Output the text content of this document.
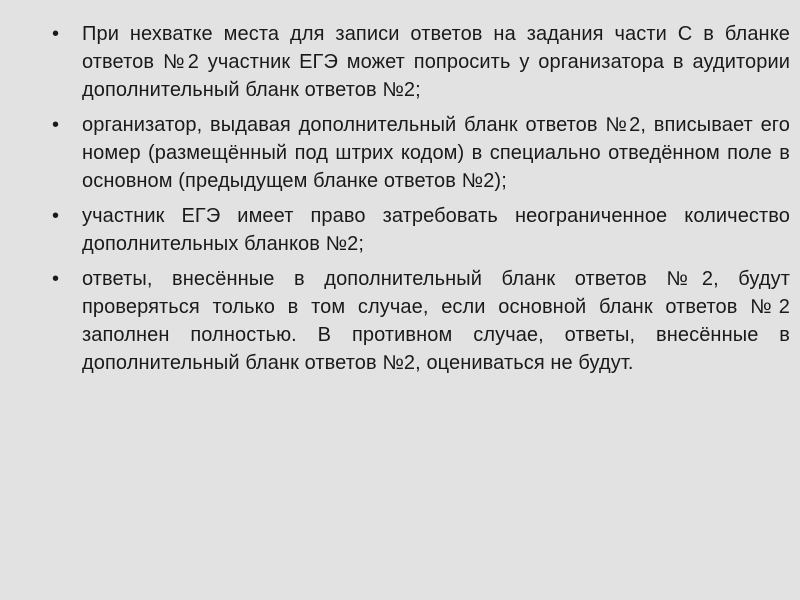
•	При нехватке места для записи ответов на задания части С в бланке ответов №2 участник ЕГЭ может попросить у организатора в аудитории дополнительный бланк ответов №2;
•	организатор, выдавая дополнительный бланк ответов №2, вписывает его номер (размещённый под штрих кодом) в специально отведённом поле в основном (предыдущем бланке ответов №2);
•	участник ЕГЭ имеет право затребовать неограниченное количество дополнительных бланков №2;
•	ответы, внесённые в дополнительный бланк ответов №2, будут проверяться только в том случае, если основной бланк ответов №2 заполнен полностью. В противном случае, ответы, внесённые в дополнительный бланк ответов №2, оцениваться не будут.
